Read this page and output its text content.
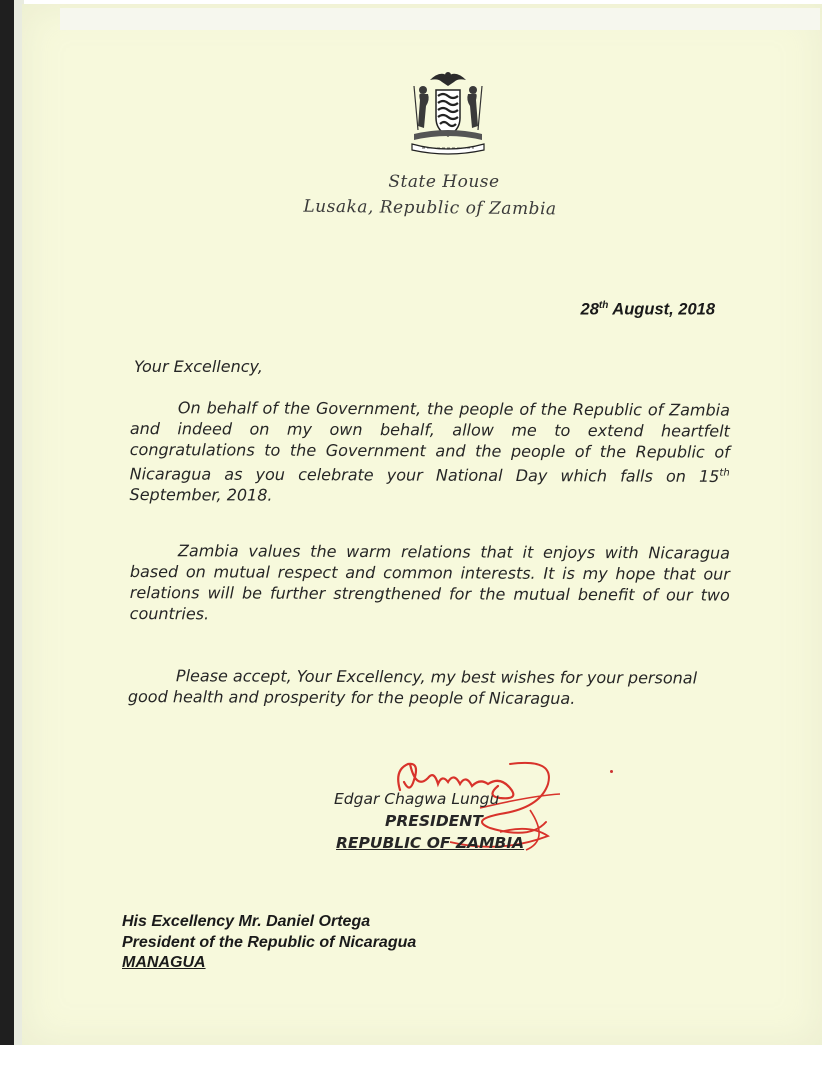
State House
Lusaka, Republic of Zambia
28th August, 2018
Your Excellency,
On behalf of the Government, the people of the Republic of Zambia and indeed on my own behalf, allow me to extend heartfelt congratulations to the Government and the people of the Republic of Nicaragua as you celebrate your National Day which falls on 15th September, 2018.
Zambia values the warm relations that it enjoys with Nicaragua based on mutual respect and common interests. It is my hope that our relations will be further strengthened for the mutual benefit of our two countries.
Please accept, Your Excellency, my best wishes for your personal good health and prosperity for the people of Nicaragua.
Edgar Chagwa Lungu
PRESIDENT
REPUBLIC OF ZAMBIA
His Excellency Mr. Daniel Ortega
President of the Republic of Nicaragua
MANAGUA
